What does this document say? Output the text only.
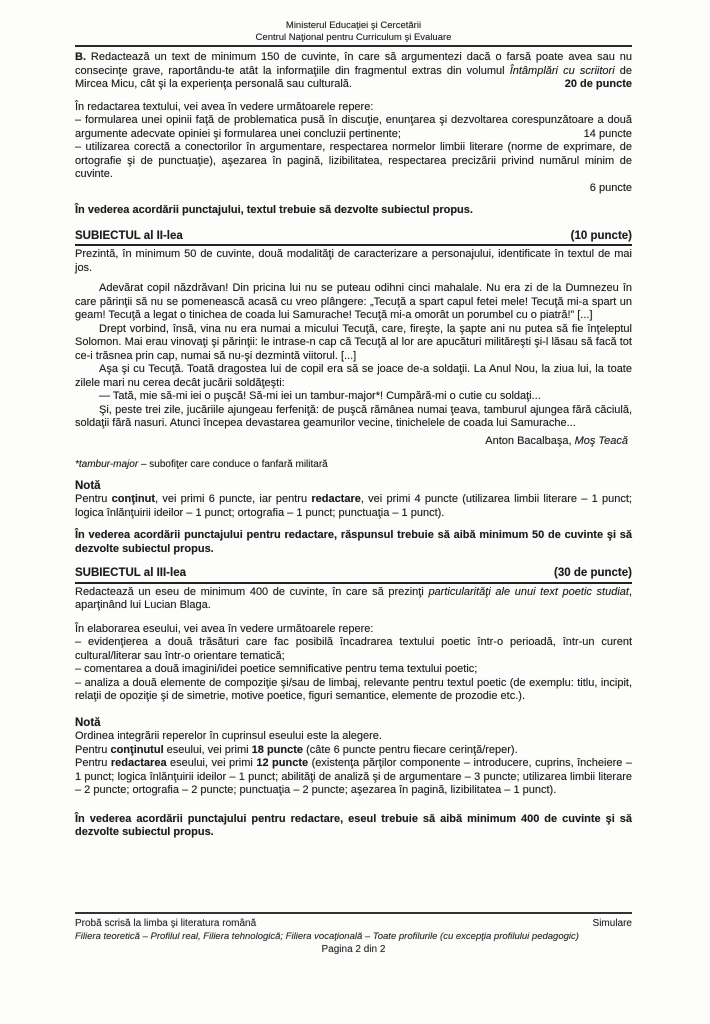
Ministerul Educaţiei şi Cercetării
Centrul Naţional pentru Curriculum şi Evaluare

B. Redactează un text de minimum 150 de cuvinte, în care să argumentezi dacă o farsă poate avea sau nu consecinţe grave, raportându-te atât la informaţiile din fragmentul extras din volumul Întâmplări cu scriitori de Mircea Micu, cât şi la experienţa personală sau culturală.	20 de puncte

În redactarea textului, vei avea în vedere următoarele repere:

– formularea unei opinii faţă de problematica pusă în discuţie, enunţarea şi dezvoltarea corespunzătoare a două argumente adecvate opiniei şi formularea unei concluzii pertinente;	14 puncte

– utilizarea corectă a conectorilor în argumentare, respectarea normelor limbii literare (norme de exprimare, de ortografie şi de punctuaţie), aşezarea în pagină, lizibilitatea, respectarea precizării privind numărul minim de cuvinte.

6 puncte

În vederea acordării punctajului, textul trebuie să dezvolte subiectul propus.

SUBIECTUL al II-lea	(10 puncte)

Prezintă, în minimum 50 de cuvinte, două modalităţi de caracterizare a personajului, identificate în textul de mai jos.

Adevărat copil năzdrăvan! Din pricina lui nu se puteau odihni cinci mahalale. Nu era zi de la Dumnezeu în care părinţii să nu se pomenească acasă cu vreo plângere: „Tecuţă a spart capul fetei mele! Tecuţă mi-a spart un geam! Tecuţă a legat o tinichea de coada lui Samurache! Tecuţă mi-a omorât un porumbel cu o piatră!” [...]

Drept vorbind, însă, vina nu era numai a micului Tecuţă, care, fireşte, la şapte ani nu putea să fie înţeleptul Solomon. Mai erau vinovaţi şi părinţii: le intrase-n cap că Tecuţă al lor are apucături milităreşti şi-l lăsau să facă tot ce-i trăsnea prin cap, numai să nu-şi dezmintă viitorul. [...]

Aşa şi cu Tecuţă. Toată dragostea lui de copil era să se joace de-a soldaţii. La Anul Nou, la ziua lui, la toate zilele mari nu cerea decât jucării soldăţeşti:

— Tată, mie să-mi iei o puşcă! Să-mi iei un tambur-major*! Cumpără-mi o cutie cu soldaţi...

Şi, peste trei zile, jucăriile ajungeau ferfeniţă: de puşcă rămânea numai ţeava, tamburul ajungea fără căciulă, soldaţii fără nasuri. Atunci începea devastarea geamurilor vecine, tinichelele de coada lui Samurache...

Anton Bacalbaşa, Moş Teacă
*tambur-major – subofiţer care conduce o fanfară militară
Notă

Pentru conţinut, vei primi 6 puncte, iar pentru redactare, vei primi 4 puncte (utilizarea limbii literare – 1 punct; logica înlănţuirii ideilor – 1 punct; ortografia – 1 punct; punctuaţia – 1 punct).

În vederea acordării punctajului pentru redactare, răspunsul trebuie să aibă minimum 50 de cuvinte şi să dezvolte subiectul propus.

SUBIECTUL al III-lea	(30 de puncte)

Redactează un eseu de minimum 400 de cuvinte, în care să prezinţi particularităţi ale unui text poetic studiat, aparţinând lui Lucian Blaga.

În elaborarea eseului, vei avea în vedere următoarele repere:

– evidenţierea a două trăsături care fac posibilă încadrarea textului poetic într-o perioadă, într-un curent cultural/literar sau într-o orientare tematică;

– comentarea a două imagini/idei poetice semnificative pentru tema textului poetic;

– analiza a două elemente de compoziţie şi/sau de limbaj, relevante pentru textul poetic (de exemplu: titlu, incipit, relaţii de opoziţie şi de simetrie, motive poetice, figuri semantice, elemente de prozodie etc.).

Notă
Ordinea integrării reperelor în cuprinsul eseului este la alegere.

Pentru conţinutul eseului, vei primi 18 puncte (câte 6 puncte pentru fiecare cerinţă/reper).

Pentru redactarea eseului, vei primi 12 puncte (existenţa părţilor componente – introducere, cuprins, încheiere – 1 punct; logica înlănţuirii ideilor – 1 punct; abilităţi de analiză şi de argumentare – 3 puncte; utilizarea limbii literare – 2 puncte; ortografia – 2 puncte; punctuaţia – 2 puncte; aşezarea în pagină, lizibilitatea – 1 punct).

În vederea acordării punctajului pentru redactare, eseul trebuie să aibă minimum 400 de cuvinte şi să dezvolte subiectul propus.

Probă scrisă la limba şi literatura română	Simulare
Filiera teoretică – Profilul real, Filiera tehnologică; Filiera vocaţională – Toate profilurile (cu excepţia profilului pedagogic)
Pagina 2 din 2
